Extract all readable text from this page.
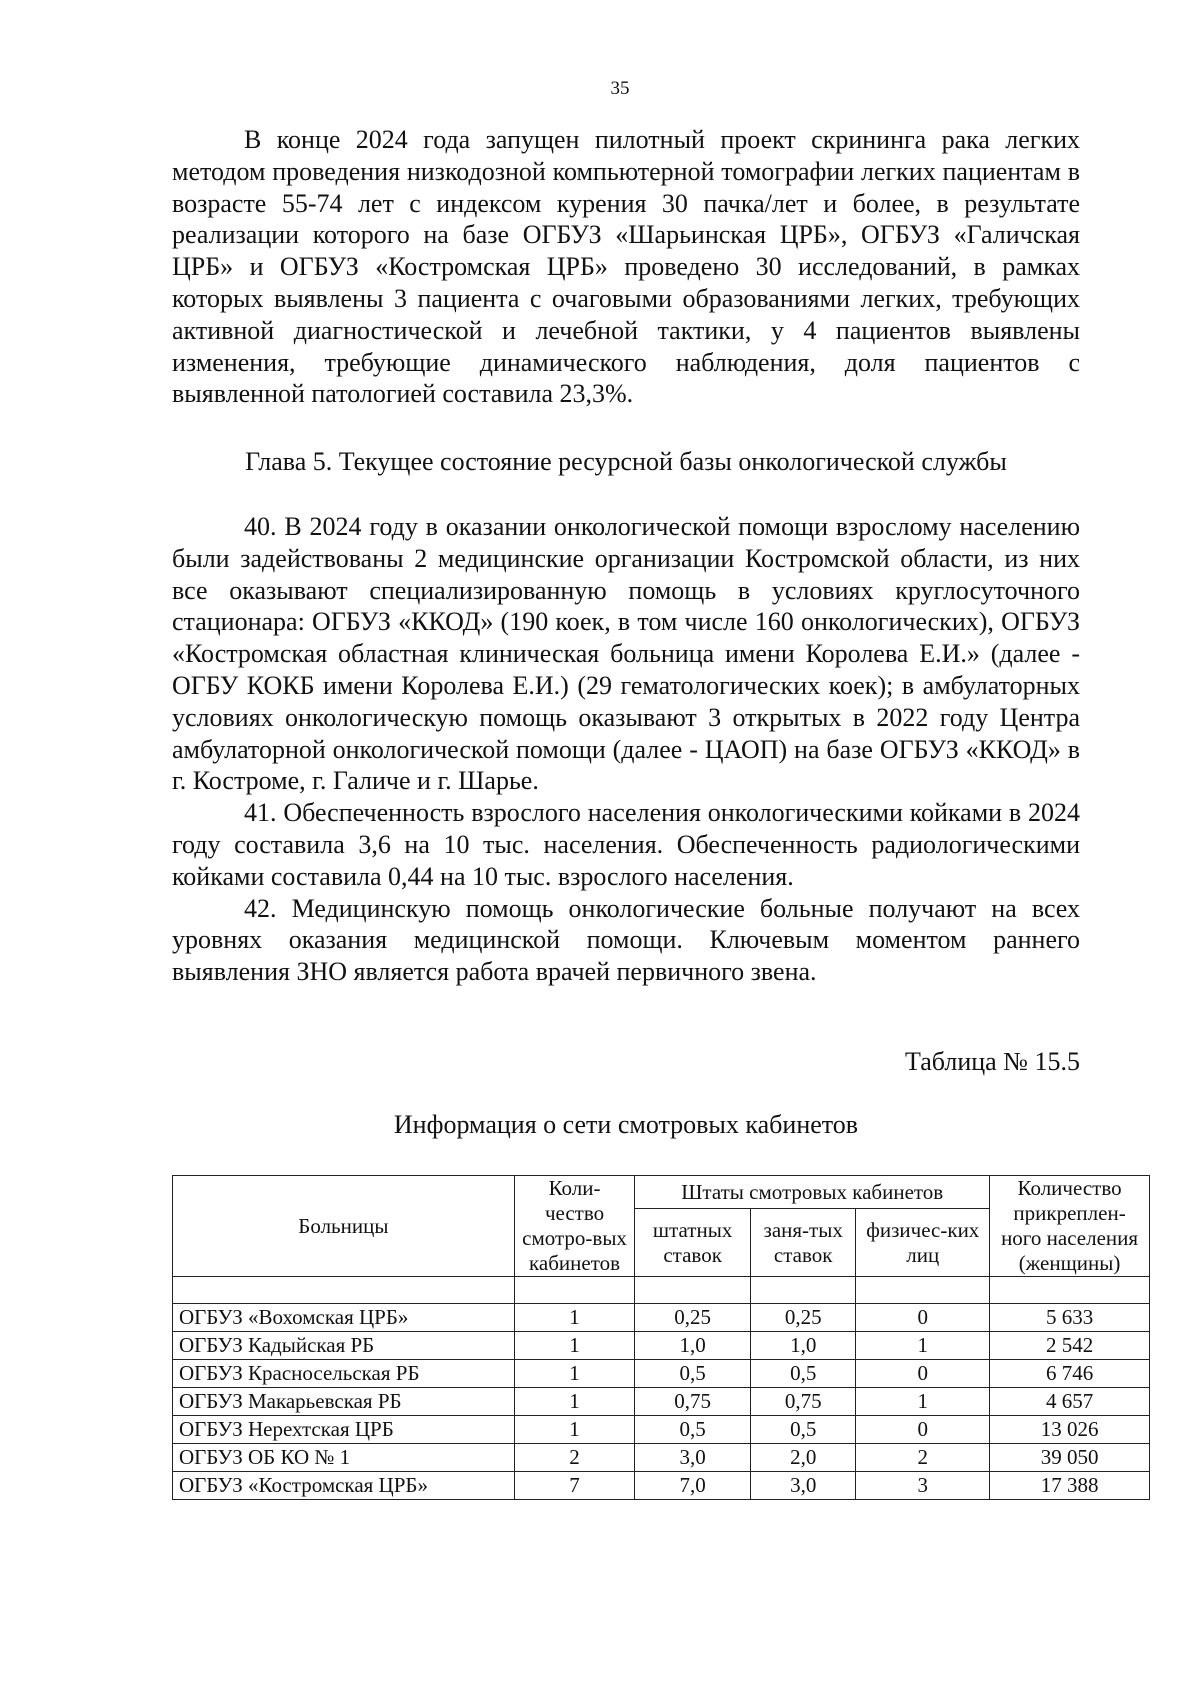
35

В конце 2024 года запущен пилотный проект скрининга рака легких методом проведения низкодозной компьютерной томографии легких пациентам в возрасте 55-74 лет с индексом курения 30 пачка/лет и более, в результате реализации которого на базе ОГБУЗ «Шарьинская ЦРБ», ОГБУЗ «Галичская ЦРБ» и ОГБУЗ «Костромская ЦРБ» проведено 30 исследований, в рамках которых выявлены 3 пациента с очаговыми образованиями легких, требующих активной диагностической и лечебной тактики, у 4 пациентов выявлены изменения, требующие динамического наблюдения, доля пациентов с выявленной патологией составила 23,3%.

Глава 5. Текущее состояние ресурсной базы онкологической службы

40. В 2024 году в оказании онкологической помощи взрослому населению были задействованы 2 медицинские организации Костромской области, из них все оказывают специализированную помощь в условиях круглосуточного стационара: ОГБУЗ «ККОД» (190 коек, в том числе 160 онкологических), ОГБУЗ «Костромская областная клиническая больница имени Королева Е.И.» (далее - ОГБУ КОКБ имени Королева Е.И.) (29 гематологических коек); в амбулаторных условиях онкологическую помощь оказывают 3 открытых в 2022 году Центра амбулаторной онкологической помощи (далее - ЦАОП) на базе ОГБУЗ «ККОД» в г. Костроме, г. Галиче и г. Шарье.

41. Обеспеченность взрослого населения онкологическими койками в 2024 году составила 3,6 на 10 тыс. населения. Обеспеченность радиологическими койками составила 0,44 на 10 тыс. взрослого населения.

42. Медицинскую помощь онкологические больные получают на всех уровнях оказания медицинской помощи. Ключевым моментом раннего выявления ЗНО является работа врачей первичного звена.

Таблица № 15.5
Информация о сети смотровых кабинетов
Больницы	Коли-чество смотро-вых кабинетов	Штаты смотровых кабинетов			Количество прикреплен-ного населения (женщины)
		штатных ставок	заня-тых ставок	физичес-ких лиц	

ОГБУЗ «Вохомская ЦРБ»	1	0,25	0,25	0	5 633
ОГБУЗ Кадыйская РБ	1	1,0	1,0	1	2 542
ОГБУЗ Красносельская РБ	1	0,5	0,5	0	6 746
ОГБУЗ Макарьевская РБ	1	0,75	0,75	1	4 657
ОГБУЗ Нерехтская ЦРБ	1	0,5	0,5	0	13 026
ОГБУЗ ОБ КО № 1	2	3,0	2,0	2	39 050
ОГБУЗ «Костромская ЦРБ»	7	7,0	3,0	3	17 388
